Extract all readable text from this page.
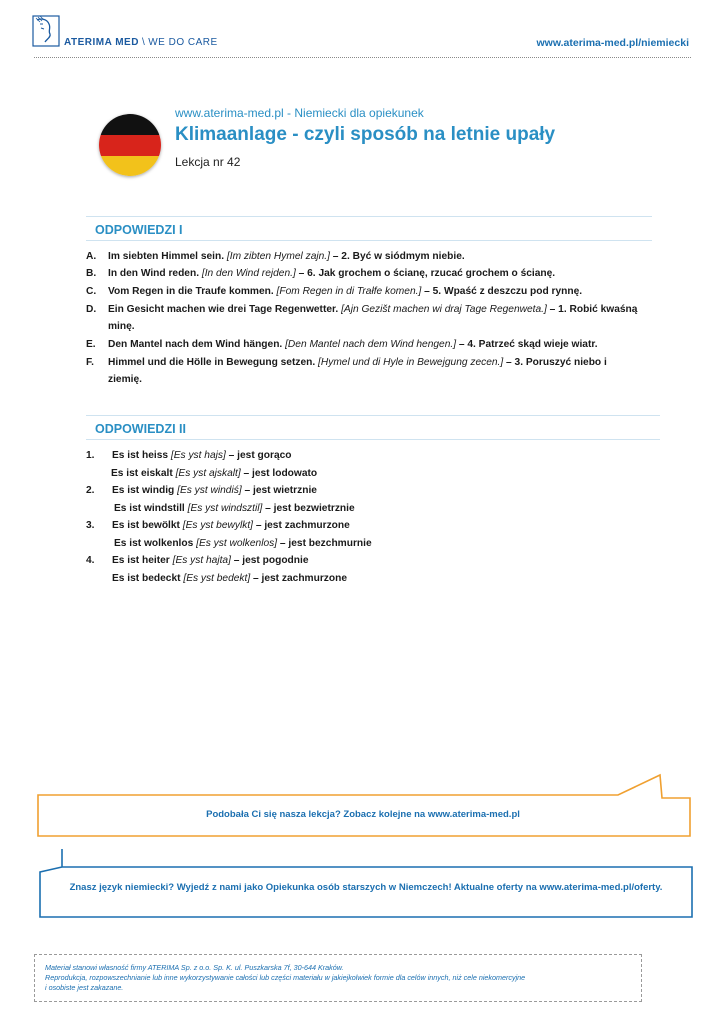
ATERIMA MED \ WE DO CARE	www.aterima-med.pl/niemiecki
www.aterima-med.pl - Niemiecki dla opiekunek
Klimaanlage - czyli sposób na letnie upały
Lekcja nr 42
ODPOWIEDZI I
A. Im siebten Himmel sein. [Im zibten Hymel zajn.] – 2. Być w siódmym niebie.
B. In den Wind reden. [In den Wind rejden.] – 6. Jak grochem o ścianę, rzucać grochem o ścianę.
C. Vom Regen in die Traufe kommen. [Fom Regen in di Trałfe komen.] – 5. Wpaść z deszczu pod rynnę.
D. Ein Gesicht machen wie drei Tage Regenwetter. [Ajn Gezišt machen wi draj Tage Regenweta.] – 1. Robić kwaśną minę.
E. Den Mantel nach dem Wind hängen. [Den Mantel nach dem Wind hengen.] – 4. Patrzeć skąd wieje wiatr.
F. Himmel und die Hölle in Bewegung setzen. [Hymel und di Hyle in Bewejgung zecen.] – 3. Poruszyć niebo i ziemię.
ODPOWIEDZI II
1. Es ist heiss [Es yst hajs] – jest gorąco
Es ist eiskalt [Es yst ajskalt] – jest lodowato
2. Es ist windig [Es yst windiś] – jest wietrznie
Es ist windstill [Es yst windsztil] – jest bezwietrznie
3. Es ist bewölkt [Es yst bewylkt] – jest zachmurzone
Es ist wolkenlos [Es yst wolkenlos] – jest bezchmurnie
4. Es ist heiter [Es yst hajta] – jest pogodnie
Es ist bedeckt [Es yst bedekt] – jest zachmurzone
Podobała Ci się nasza lekcja? Zobacz kolejne na www.aterima-med.pl
Znasz język niemiecki? Wyjedź z nami jako Opiekunka osób starszych w Niemczech! Aktualne oferty na www.aterima-med.pl/oferty.
Materiał stanowi własność firmy ATERIMA Sp. z o.o. Sp. K. ul. Puszkarska 7f, 30-644 Kraków.
Reprodukcja, rozpowszechnianie lub inne wykorzystywanie całości lub części materiału w jakiejkolwiek formie dla celów innych, niż cele niekomercyjne
i osobiste jest zakazane.
